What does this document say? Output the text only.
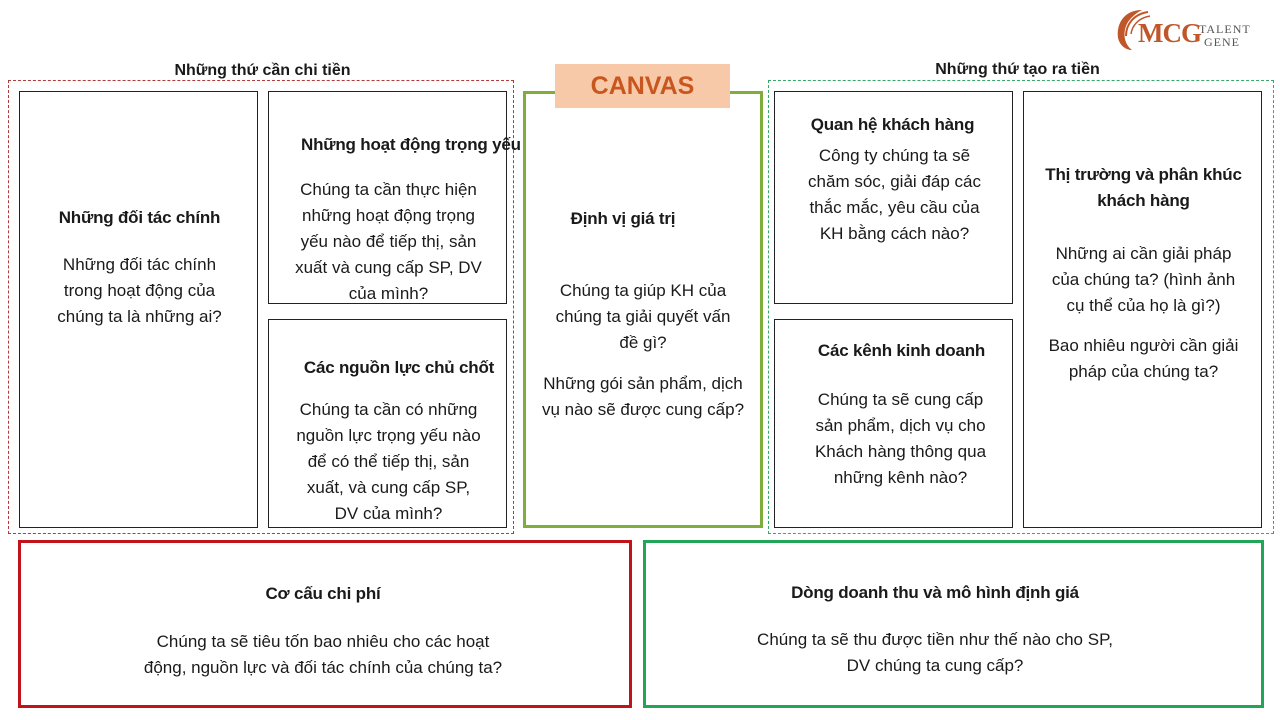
MCG
TALENT
GENE
Những thứ cần chi tiền	Những thứ tạo ra tiền
Những đối tác chính
Những đối tác chính
trong hoạt động của
chúng ta là những ai?
Những hoạt động trọng yếu
Chúng ta cần thực hiện
những hoạt động trọng
yếu nào để tiếp thị, sản
xuất và cung cấp SP, DV
của mình?
Các nguồn lực chủ chốt
Chúng ta cần có những
nguồn lực trọng yếu nào
để có thể tiếp thị, sản
xuất, và cung cấp SP,
DV của mình?
Định vị giá trị
Chúng ta giúp KH của
chúng ta giải quyết vấn
đề gì?
Những gói sản phẩm, dịch
vụ nào sẽ được cung cấp?
CANVAS
Quan hệ khách hàng
Công ty chúng ta sẽ
chăm sóc, giải đáp các
thắc mắc, yêu cầu của
KH bằng cách nào?
Các kênh kinh doanh
Chúng ta sẽ cung cấp
sản phẩm, dịch vụ cho
Khách hàng thông qua
những kênh nào?
Thị trường và phân khúc
khách hàng
Những ai cần giải pháp
của chúng ta? (hình ảnh
cụ thể của họ là gì?)
Bao nhiêu người cần giải
pháp của chúng ta?
Cơ cấu chi phí
Chúng ta sẽ tiêu tốn bao nhiêu cho các hoạt
động, nguồn lực và đối tác chính của chúng ta?
Dòng doanh thu và mô hình định giá
Chúng ta sẽ thu được tiền như thế nào cho SP,
DV chúng ta cung cấp?
